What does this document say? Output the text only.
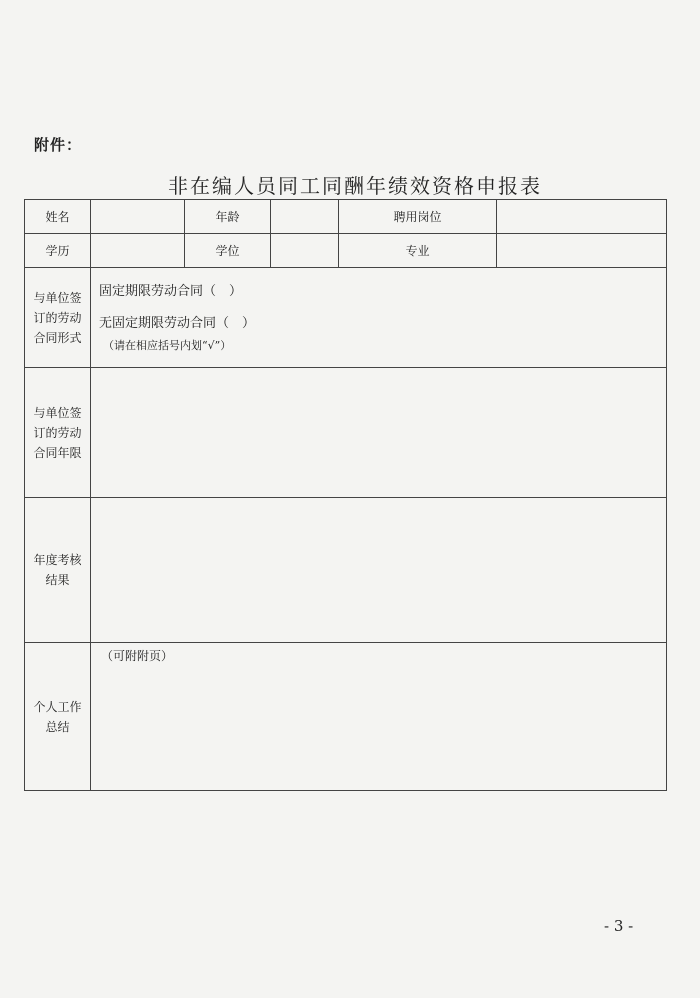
附件：
非在编人员同工同酬年绩效资格申报表
姓名		年龄		聘用岗位	
学历		学位		专业	
与单位签订的劳动合同形式	固定期限劳动合同（　）
无固定期限劳动合同（　）
（请在相应括号内划“√”）				

与单位签订的劳动合同年限					
年度考核结果					
个人工作总结	（可附附页）				
- 3 -
